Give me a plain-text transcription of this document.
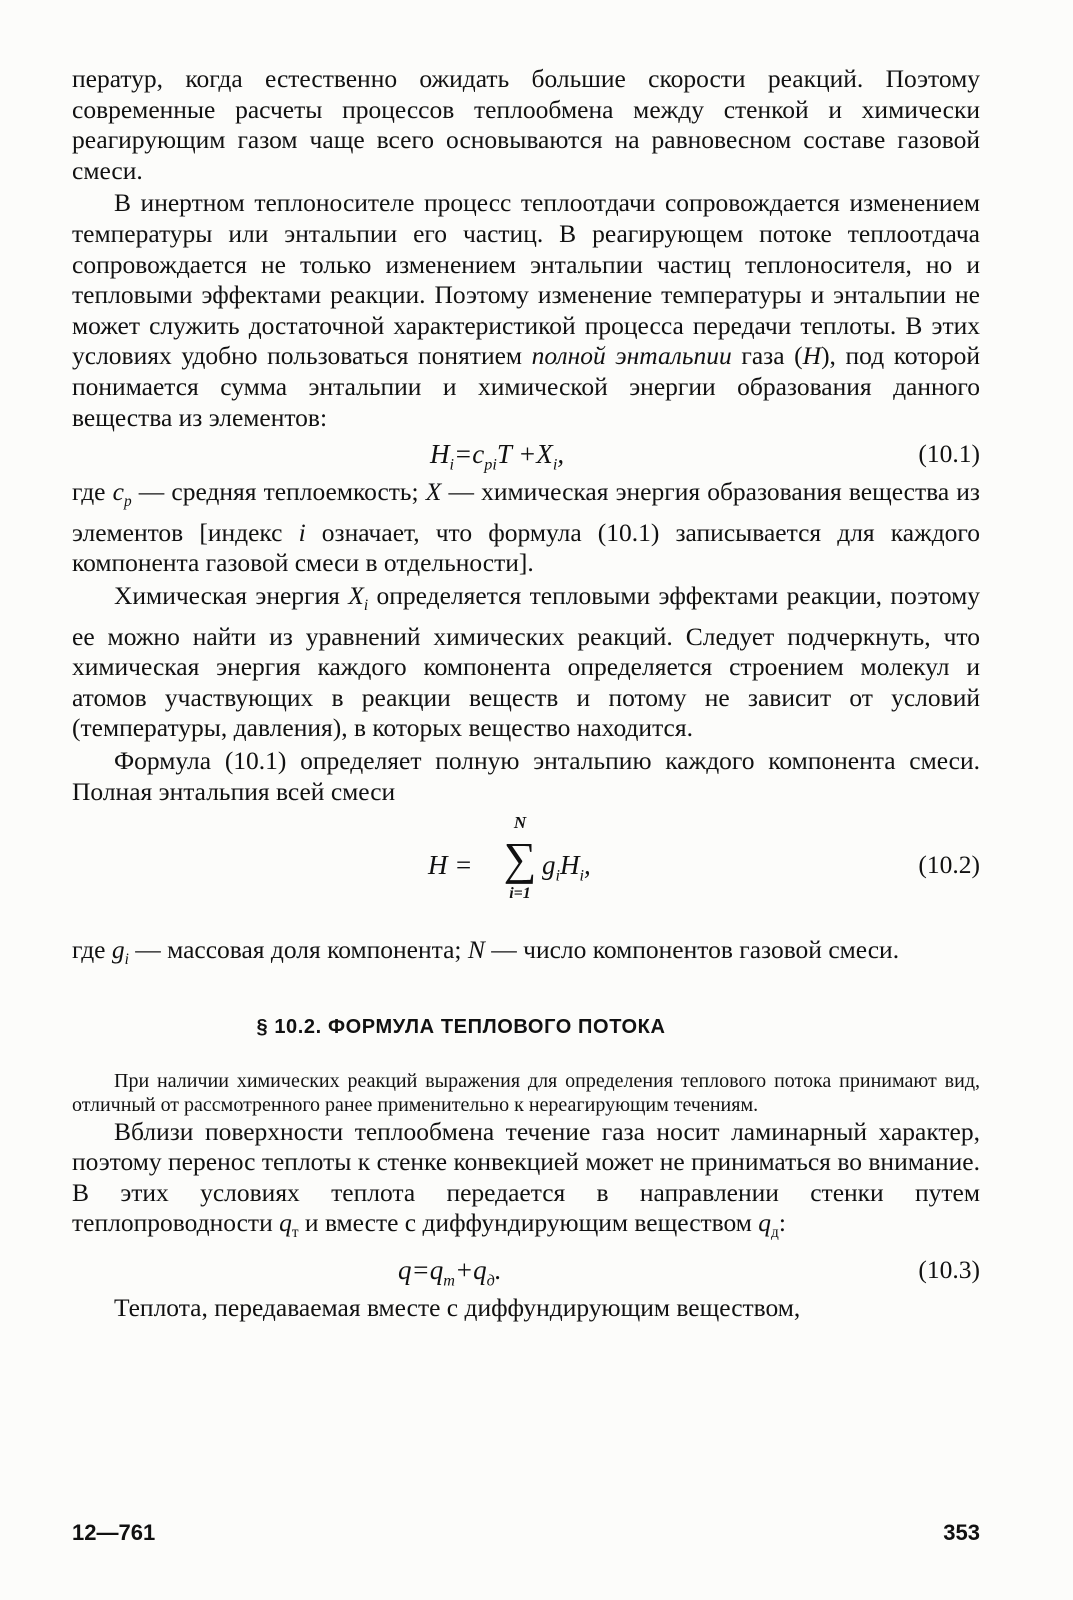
ператур, когда естественно ожидать большие скорости реакций. Поэтому современные расчеты процессов теплообмена между стенкой и химически реагирующим газом чаще всего основываются на равновесном составе газовой смеси.

В инертном теплоносителе процесс теплоотдачи сопровождается изменением температуры или энтальпии его частиц. В реагирующем потоке теплоотдача сопровождается не только изменением энтальпии частиц теплоносителя, но и тепловыми эффектами реакции. Поэтому изменение температуры и энтальпии не может служить достаточной характеристикой процесса передачи теплоты. В этих условиях удобно пользоваться понятием полной энтальпии газа (H), под которой понимается сумма энтальпии и химической энергии образования данного вещества из элементов:

$H_i=c_{pi}T +X_i$,	(10.1)

где $c_p$ — средняя теплоемкость; X — химическая энергия образования вещества из элементов [индекс i означает, что формула (10.1) записывается для каждого компонента газовой смеси в отдельности].

Химическая энергия $X_i$ определяется тепловыми эффектами реакции, поэтому ее можно найти из уравнений химических реакций. Следует подчеркнуть, что химическая энергия каждого компонента определяется строением молекул и атомов участвующих в реакции веществ и потому не зависит от условий (температуры, давления), в которых вещество находится.

Формула (10.1) определяет полную энтальпию каждого компонента смеси. Полная энтальпия всей смеси

H =
N
∑
i=1
$g_iH_i$,	(10.2)

где $g_i$ — массовая доля компонента; N — число компонентов газовой смеси.

§ 10.2. ФОРМУЛА ТЕПЛОВОГО ПОТОКА

При наличии химических реакций выражения для определения теплового потока принимают вид, отличный от рассмотренного ранее применительно к нереагирующим течениям.

Вблизи поверхности теплообмена течение газа носит ламинарный характер, поэтому перенос теплоты к стенке конвекцией может не приниматься во внимание. В этих условиях теплота передается в направлении стенки путем теплопроводности $q_т$ и вместе с диффундирующим веществом $q_д$:

$q=q_т+q_д$.	(10.3)

Теплота, передаваемая вместе с диффундирующим веществом,

12—761	353
